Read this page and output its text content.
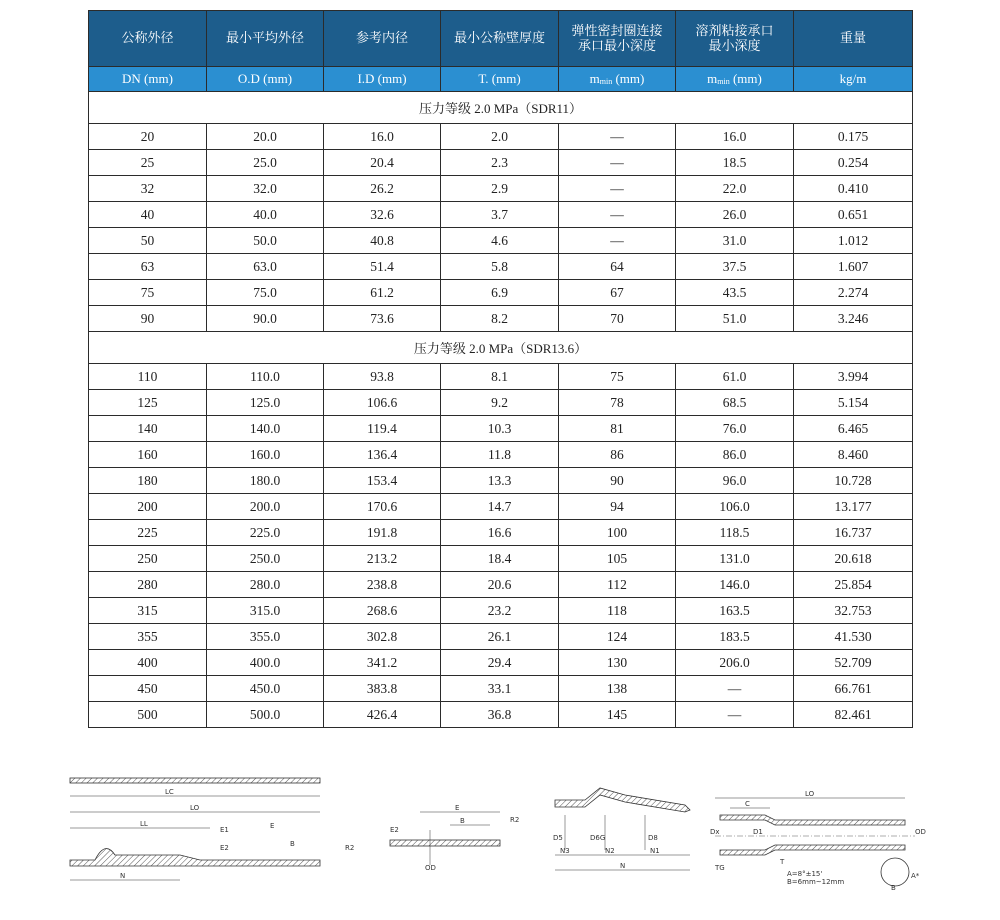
公称外径	最小平均外径	参考内径	最小公称壁厚度	弹性密封圈连接承口最小深度	溶剂粘接承口最小深度	重量
DN (mm)	O.D (mm)	I.D (mm)	T. (mm)	mmin (mm)	mmin (mm)	kg/m
压力等级 2.0 MPa（SDR11）						
20	20.0	16.0	2.0	—	16.0	0.175
25	25.0	20.4	2.3	—	18.5	0.254
32	32.0	26.2	2.9	—	22.0	0.410
40	40.0	32.6	3.7	—	26.0	0.651
50	50.0	40.8	4.6	—	31.0	1.012
63	63.0	51.4	5.8	64	37.5	1.607
75	75.0	61.2	6.9	67	43.5	2.274
90	90.0	73.6	8.2	70	51.0	3.246
压力等级 2.0 MPa（SDR13.6）						
110	110.0	93.8	8.1	75	61.0	3.994
125	125.0	106.6	9.2	78	68.5	5.154
140	140.0	119.4	10.3	81	76.0	6.465
160	160.0	136.4	11.8	86	86.0	8.460
180	180.0	153.4	13.3	90	96.0	10.728
200	200.0	170.6	14.7	94	106.0	13.177
225	225.0	191.8	16.6	100	118.5	16.737
250	250.0	213.2	18.4	105	131.0	20.618
280	280.0	238.8	20.6	112	146.0	25.854
315	315.0	268.6	23.2	118	163.5	32.753
355	355.0	302.8	26.1	124	183.5	41.530
400	400.0	341.2	29.4	130	206.0	52.709
450	450.0	383.8	33.1	138	—	66.761
500	500.0	426.4	36.8	145	—	82.461
LC
LO
LL
E1
E2
E
B	R2
N
E2
E
B	R2
OD
D5	D6G	D8
N3	N2	N1
N
LO
C
D1
Dx	OD
T
TG
A*
B
A=8°±15'
B=6mm~12mm
